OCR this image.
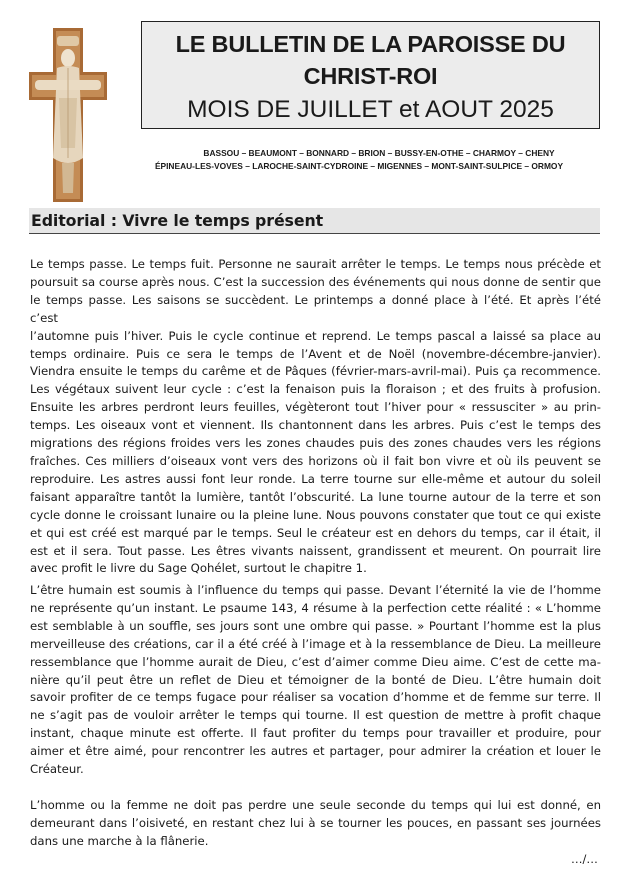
LE BULLETIN DE LA PAROISSE DU
CHRIST-ROI
MOIS DE JUILLET et AOUT 2025
BASSOU – BEAUMONT – BONNARD – BRION – BUSSY-EN-OTHE – CHARMOY – CHENY
ÉPINEAU-LES-VOVES – LAROCHE-SAINT-CYDROINE – MIGENNES – MONT-SAINT-SULPICE – ORMOY
Editorial : Vivre le temps présent
Le temps passe. Le temps fuit. Personne ne saurait arrêter le temps. Le temps nous précède et
poursuit sa course après nous. C’est la succession des événements qui nous donne de sentir que
le temps passe. Les saisons se succèdent. Le printemps a donné place à l’été. Et après l’été c’est
l’automne puis l’hiver. Puis le cycle continue et reprend. Le temps pascal a laissé sa place au
temps ordinaire. Puis ce sera le temps de l’Avent et de Noël (novembre-décembre-janvier).
Viendra ensuite le temps du carême et de Pâques (février-mars-avril-mai). Puis ça recommence.
Les végétaux suivent leur cycle : c’est la fenaison puis la floraison ; et des fruits à profusion.
Ensuite les arbres perdront leurs feuilles, végèteront tout l’hiver pour « ressusciter » au prin-
temps. Les oiseaux vont et viennent. Ils chantonnent dans les arbres. Puis c’est le temps des
migrations des régions froides vers les zones chaudes puis des zones chaudes vers les régions
fraîches. Ces milliers d’oiseaux vont vers des horizons où il fait bon vivre et où ils peuvent se
reproduire. Les astres aussi font leur ronde. La terre tourne sur elle-même et autour du soleil
faisant apparaître tantôt la lumière, tantôt l’obscurité. La lune tourne autour de la terre et son
cycle donne le croissant lunaire ou la pleine lune. Nous pouvons constater que tout ce qui existe
et qui est créé est marqué par le temps. Seul le créateur est en dehors du temps, car il était, il
est et il sera. Tout passe. Les êtres vivants naissent, grandissent et meurent. On pourrait lire
avec profit le livre du Sage Qohélet, surtout le chapitre 1.
L’être humain est soumis à l’influence du temps qui passe. Devant l’éternité la vie de l’homme
ne représente qu’un instant. Le psaume 143, 4 résume à la perfection cette réalité : « L’homme
est semblable à un souffle, ses jours sont une ombre qui passe. » Pourtant l’homme est la plus
merveilleuse des créations, car il a été créé à l’image et à la ressemblance de Dieu. La meilleure
ressemblance que l’homme aurait de Dieu, c’est d’aimer comme Dieu aime. C’est de cette ma-
nière qu’il peut être un reflet de Dieu et témoigner de la bonté de Dieu. L’être humain doit
savoir profiter de ce temps fugace pour réaliser sa vocation d’homme et de femme sur terre. Il
ne s’agit pas de vouloir arrêter le temps qui tourne. Il est question de mettre à profit chaque
instant, chaque minute est offerte. Il faut profiter du temps pour travailler et produire, pour
aimer et être aimé, pour rencontrer les autres et partager, pour admirer la création et louer le
Créateur.
L’homme ou la femme ne doit pas perdre une seule seconde du temps qui lui est donné, en
demeurant dans l’oisiveté, en restant chez lui à se tourner les pouces, en passant ses journées
dans une marche à la flânerie.
…/…
